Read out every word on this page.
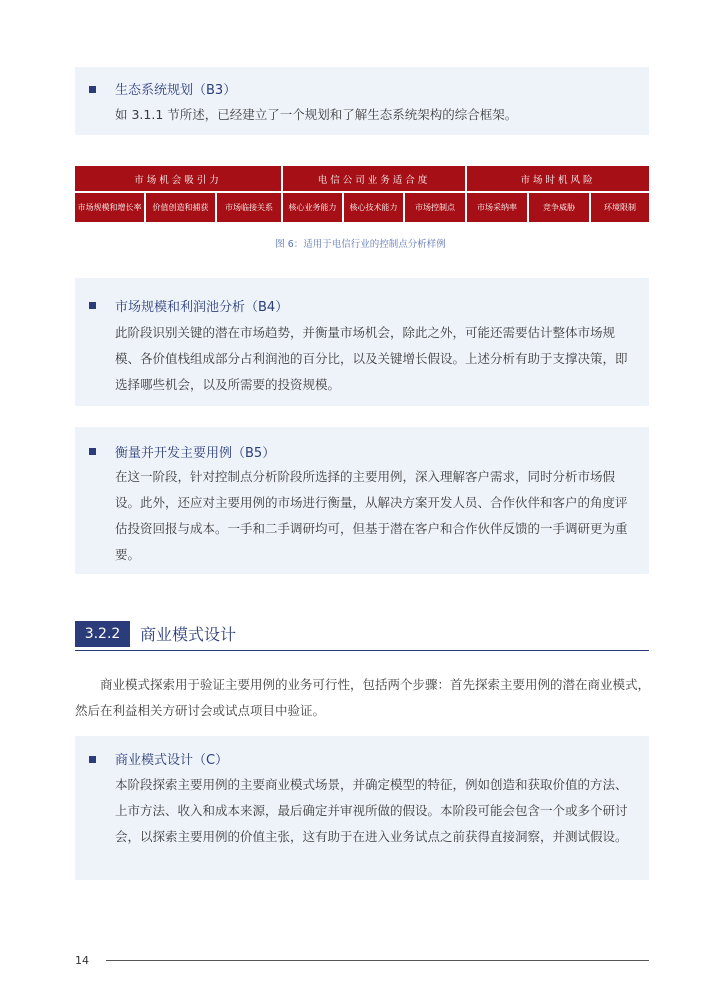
生态系统规划（B3）
如 3.1.1 节所述，已经建立了一个规划和了解生态系统架构的综合框架。
市场机会吸引力	电信公司业务适合度	市场时机风险
市场规模和增长率	价值创造和捕获	市场临接关系	核心业务能力	核心技术能力	市场控制点	市场采纳率	竞争威胁	环境限制
图 6：适用于电信行业的控制点分析样例
市场规模和利润池分析（B4）
此阶段识别关键的潜在市场趋势，并衡量市场机会，除此之外，可能还需要估计整体市场规模、各价值栈组成部分占利润池的百分比，以及关键增长假设。上述分析有助于支撑决策，即选择哪些机会，以及所需要的投资规模。
衡量并开发主要用例（B5）
在这一阶段，针对控制点分析阶段所选择的主要用例，深入理解客户需求，同时分析市场假设。此外，还应对主要用例的市场进行衡量，从解决方案开发人员、合作伙伴和客户的角度评估投资回报与成本。一手和二手调研均可，但基于潜在客户和合作伙伴反馈的一手调研更为重要。
3.2.2	商业模式设计
商业模式探索用于验证主要用例的业务可行性，包括两个步骤：首先探索主要用例的潜在商业模式，然后在利益相关方研讨会或试点项目中验证。
商业模式设计（C）
本阶段探索主要用例的主要商业模式场景，并确定模型的特征，例如创造和获取价值的方法、上市方法、收入和成本来源，最后确定并审视所做的假设。本阶段可能会包含一个或多个研讨会，以探索主要用例的价值主张，这有助于在进入业务试点之前获得直接洞察，并测试假设。
14
